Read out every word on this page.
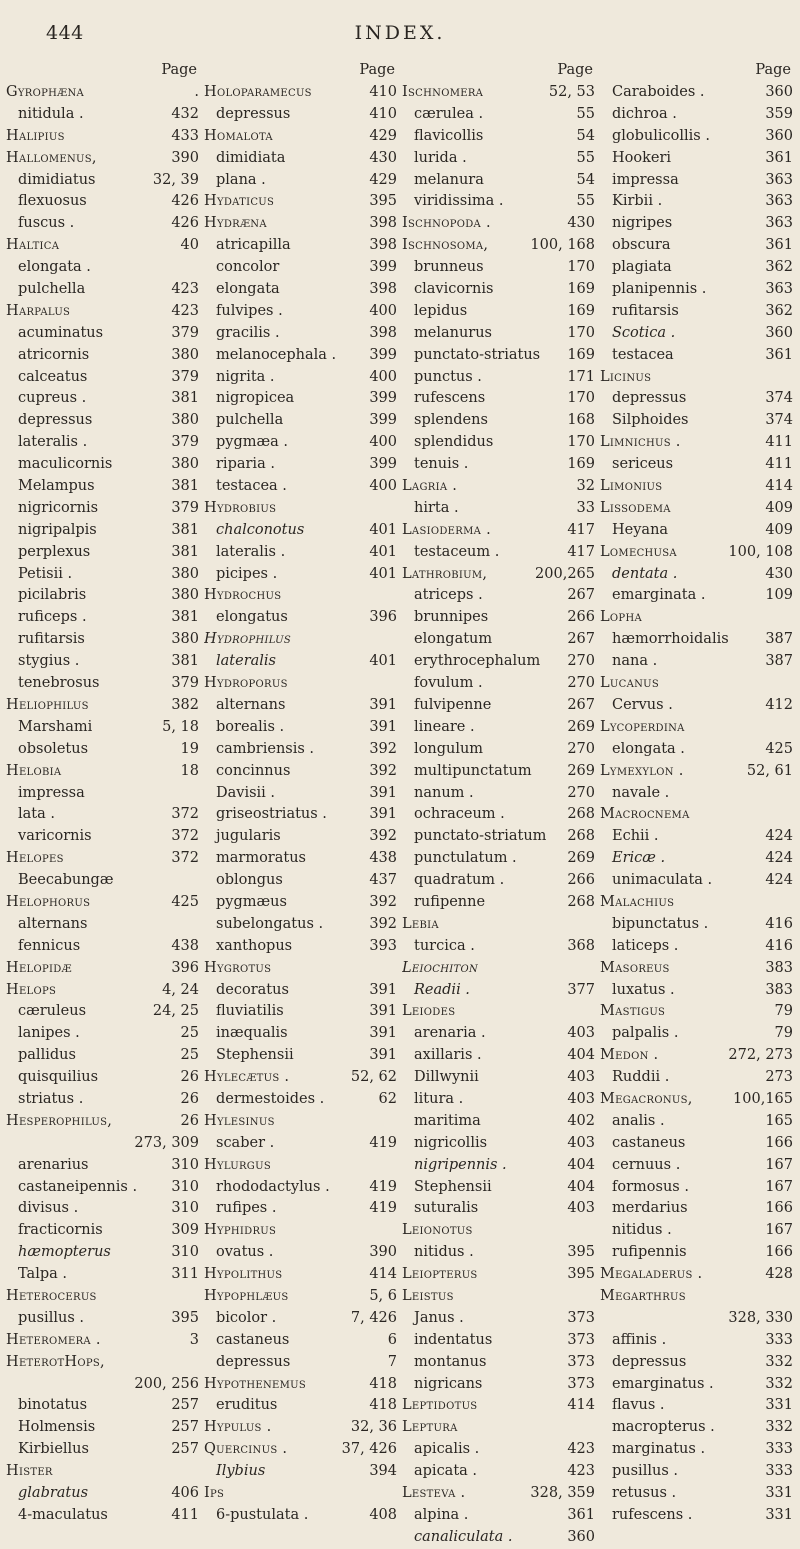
444	INDEX.
Page
Gyrophæna	.
nitidula .	432
Halipius	433
Hallomenus,	390
dimidiatus	32, 39
flexuosus	426
fuscus .	426
Haltica	40
elongata .
pulchella	423
Harpalus	423
acuminatus	379
atricornis	380
calceatus	379
cupreus .	381
depressus	380
lateralis .	379
maculicornis	380
Melampus	381
nigricornis	379
nigripalpis	381
perplexus	381
Petisii .	380
picilabris	380
ruficeps .	381
rufitarsis	380
stygius .	381
tenebrosus	379
Heliophilus	382
Marshami	5, 18
obsoletus	19
Helobia	18
impressa
lata .	372
varicornis	372
Helopes	372
Beecabungæ
Helophorus	425
alternans
fennicus	438
Helopidæ	396
Helops	4, 24
cæruleus	24, 25
lanipes .	25
pallidus	25
quisquilius	26
striatus .	26
Hesperophilus,	26
273, 309
arenarius	310
castaneipennis . 310
divisus .	310
fracticornis	309
hæmopterus	310
Talpa .	311
Heterocerus
pusillus .	395
Heteromera .	3
HeterotHops,
200, 256
binotatus	257
Holmensis	257
Kirbiellus	257
Hister
glabratus	406
4-maculatus	411
Page
Holoparamecus	410
depressus	410
Homalota	429
dimidiata	430
plana .	429
Hydaticus	395
Hydræna	398
atricapilla	398
concolor	399
elongata	398
fulvipes .	400
gracilis .	398
melanocephala . 399
nigrita .	400
nigropicea	399
pulchella	399
pygmæa .	400
riparia .	399
testacea .	400
Hydrobius
chalconotus	401
lateralis .	401
picipes .	401
Hydrochus
elongatus	396
Hydrophilus
lateralis	401
Hydroporus
alternans	391
borealis .	391
cambriensis .	392
concinnus	392
Davisii .	391
griseostriatus .	391
jugularis	392
marmoratus	438
oblongus	437
pygmæus	392
subelongatus .	392
xanthopus	393
Hygrotus
decoratus	391
fluviatilis	391
inæqualis	391
Stephensii	391
Hylecætus .	52, 62
dermestoides .	62
Hylesinus
scaber .	419
Hylurgus
rhododactylus .	419
rufipes .	419
Hyphidrus
ovatus .	390
Hypolithus	414
Hypophlæus	5, 6
bicolor .	7, 426
castaneus	6
depressus	7
Hypothenemus	418
eruditus	418
Hypulus .	32, 36
Quercinus .	37, 426
Ilybius	394
Ips
6-pustulata .	408
Page
Ischnomera	52, 53
cærulea .	55
flavicollis	54
lurida .	55
melanura	54
viridissima .	55
Ischnopoda .	430
Ischnosoma,	100, 168
brunneus	170
clavicornis	169
lepidus	169
melanurus	170
punctato-striatus 169
punctus .	171
rufescens	170
splendens	168
splendidus	170
tenuis .	169
Lagria .	32
hirta .	33
Lasioderma .	417
testaceum .	417
Lathrobium,	200,265
atriceps .	267
brunnipes	266
elongatum	267
erythrocephalum 270
fovulum .	270
fulvipenne	267
lineare .	269
longulum	270
multipunctatum 269
nanum .	270
ochraceum .	268
punctato-striatum 268
punctulatum .	269
quadratum .	266
rufipenne	268
Lebia
turcica .	368
Leiochiton
Readii .	377
Leiodes
arenaria .	403
axillaris .	404
Dillwynii	403
litura .	403
maritima	402
nigricollis	403
nigripennis .	404
Stephensii	404
suturalis	403
Leionotus
nitidus .	395
Leiopterus	395
Leistus
Janus .	373
indentatus	373
montanus	373
nigricans	373
Leptidotus	414
Leptura
apicalis .	423
apicata .	423
Lesteva .	328, 359
alpina .	361
canaliculata .	360
Page
Caraboides .	360
dichroa .	359
globulicollis .	360
Hookeri	361
impressa	363
Kirbii .	363
nigripes	363
obscura	361
plagiata	362
planipennis .	363
rufitarsis	362
Scotica .	360
testacea	361
Licinus
depressus	374
Silphoides	374
Limnichus .	411
sericeus	411
Limonius	414
Lissodema	409
Heyana	409
Lomechusa	100, 108
dentata .	430
emarginata .	109
Lopha
hæmorrhoidalis	387
nana .	387
Lucanus
Cervus .	412
Lycoperdina
elongata .	425
Lymexylon .	52, 61
navale .
Macrocnema
Echii .	424
Ericæ .	424
unimaculata .	424
Malachius
bipunctatus .	416
laticeps .	416
Masoreus	383
luxatus .	383
Mastigus	79
palpalis .	79
Medon .	272, 273
Ruddii .	273
Megacronus,	100,165
analis .	165
castaneus	166
cernuus .	167
formosus .	167
merdarius	166
nitidus .	167
rufipennis	166
Megaladerus .	428
Megarthrus
328, 330
affinis .	333
depressus	332
emarginatus .	332
flavus .	331
macropterus .	332
marginatus .	333
pusillus .	333
retusus .	331
rufescens .	331
